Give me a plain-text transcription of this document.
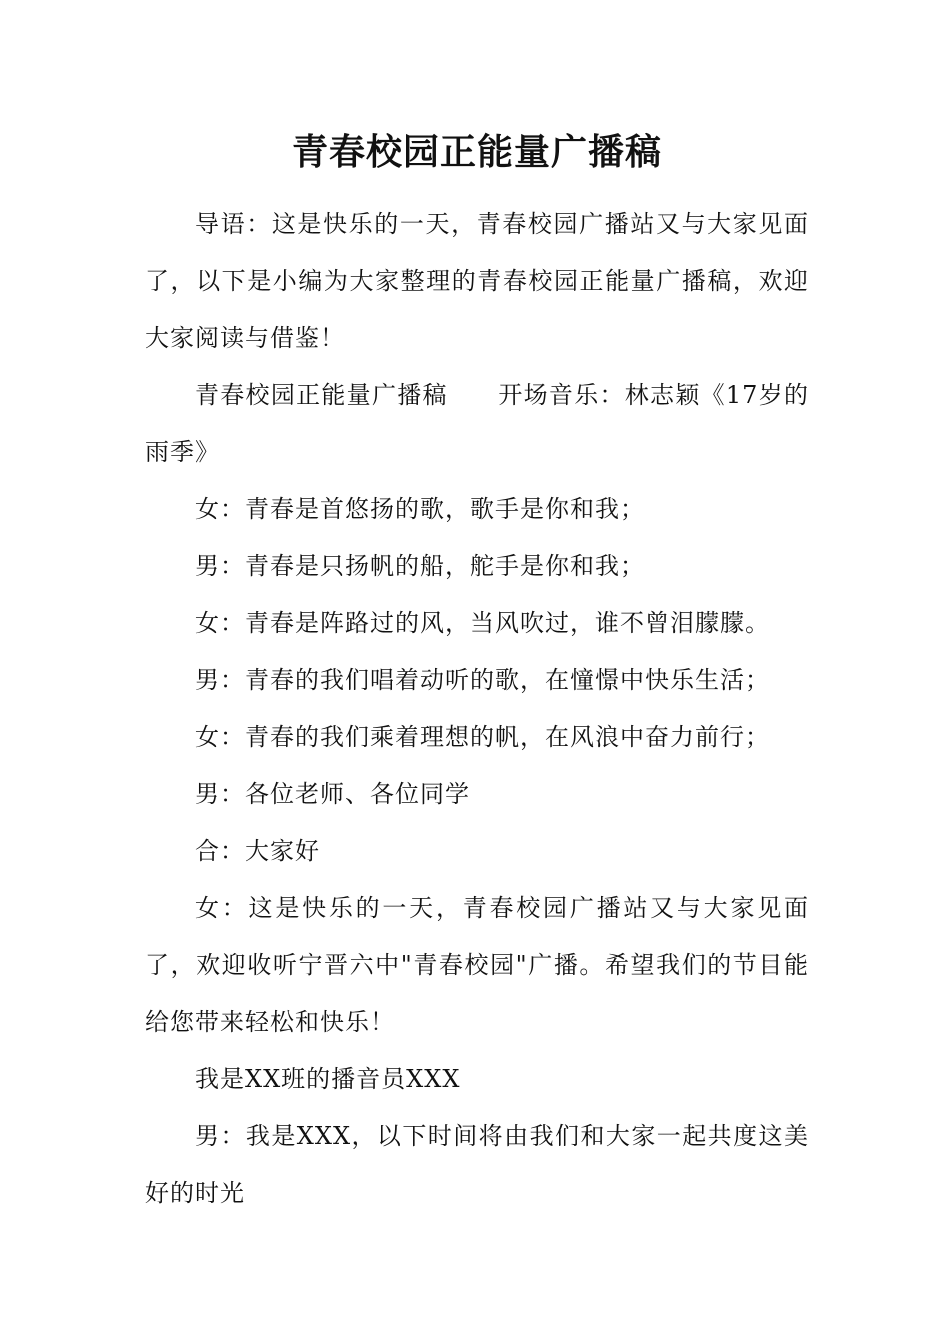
青春校园正能量广播稿

导语：这是快乐的一天，青春校园广播站又与大家见面了，以下是小编为大家整理的青春校园正能量广播稿，欢迎大家阅读与借鉴！

青春校园正能量广播稿　　开场音乐：林志颖《17岁的雨季》

女：青春是首悠扬的歌，歌手是你和我；

男：青春是只扬帆的船，舵手是你和我；

女：青春是阵路过的风，当风吹过，谁不曾泪朦朦。

男：青春的我们唱着动听的歌，在憧憬中快乐生活；

女：青春的我们乘着理想的帆，在风浪中奋力前行；

男：各位老师、各位同学

合：大家好

女：这是快乐的一天，青春校园广播站又与大家见面了，欢迎收听宁晋六中"青春校园"广播。希望我们的节目能给您带来轻松和快乐！

我是XX班的播音员XXX

男：我是XXX，以下时间将由我们和大家一起共度这美好的时光
